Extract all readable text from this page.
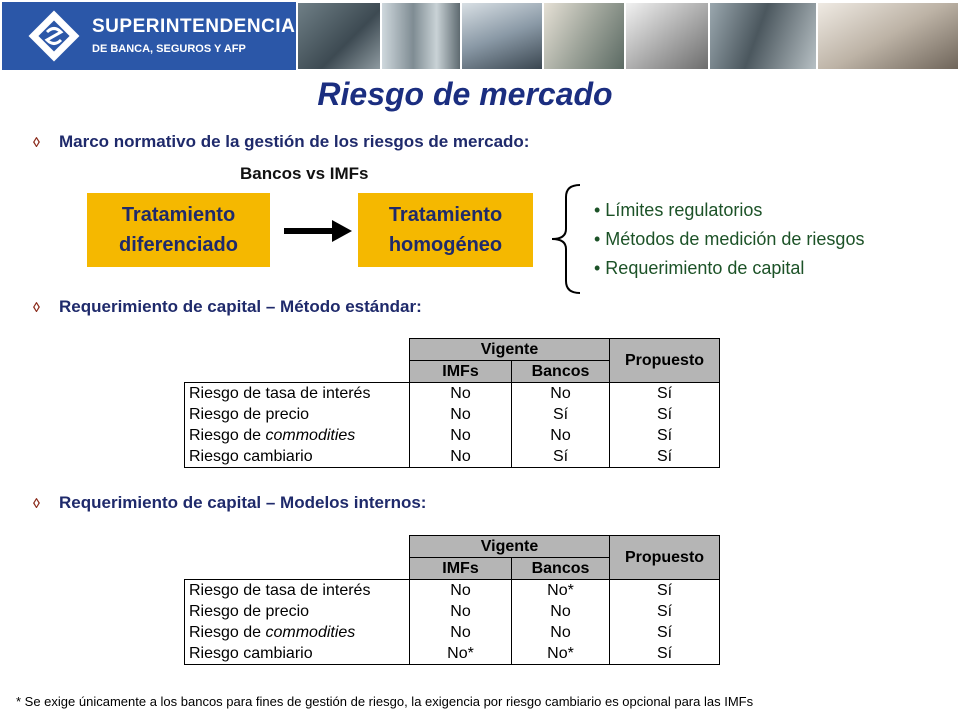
SUPERINTENDENCIA
DE BANCA, SEGUROS Y AFP
Riesgo de mercado
◊ Marco normativo de la gestión de los riesgos de mercado:
Bancos vs IMFs
Tratamiento
diferenciado
Tratamiento
homogéneo
• Límites regulatorios
• Métodos de medición de riesgos
• Requerimiento de capital
◊ Requerimiento de capital – Método estándar:
	Vigente		Propuesto
	IMFs	Bancos	
Riesgo de tasa de interés	No	No	Sí
Riesgo de precio	No	Sí	Sí
Riesgo de commodities	No	No	Sí
Riesgo cambiario	No	Sí	Sí
◊ Requerimiento de capital – Modelos internos:
	Vigente		Propuesto
	IMFs	Bancos	
Riesgo de tasa de interés	No	No*	Sí
Riesgo de precio	No	No	Sí
Riesgo de commodities	No	No	Sí
Riesgo cambiario	No*	No*	Sí
* Se exige únicamente a los bancos para fines de gestión de riesgo, la exigencia por riesgo cambiario es opcional para las IMFs
